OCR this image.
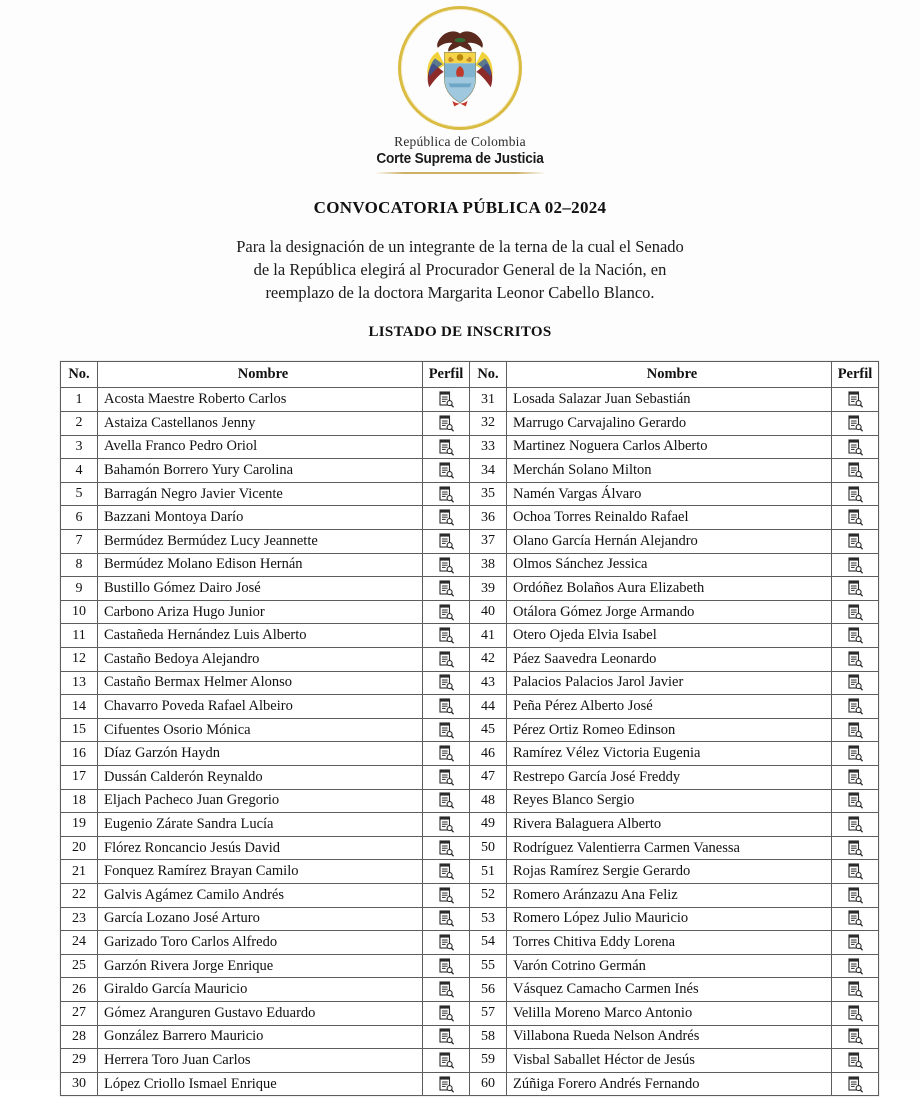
República de Colombia
Corte Suprema de Justicia
CONVOCATORIA PÚBLICA 02–2024
Para la designación de un integrante de la terna de la cual el Senado
de la República elegirá al Procurador General de la Nación, en
reemplazo de la doctora Margarita Leonor Cabello Blanco.
LISTADO DE INSCRITOS
No.	Nombre	Perfil	No.	Nombre	Perfil
1	Acosta Maestre Roberto Carlos		31	Losada Salazar Juan Sebastián	
2	Astaiza Castellanos Jenny		32	Marrugo Carvajalino Gerardo	
3	Avella Franco Pedro Oriol		33	Martinez Noguera Carlos Alberto	
4	Bahamón Borrero Yury Carolina		34	Merchán Solano Milton	
5	Barragán Negro Javier Vicente		35	Namén Vargas Álvaro	
6	Bazzani Montoya Darío		36	Ochoa Torres Reinaldo Rafael	
7	Bermúdez Bermúdez Lucy Jeannette		37	Olano García Hernán Alejandro	
8	Bermúdez Molano Edison Hernán		38	Olmos Sánchez Jessica	
9	Bustillo Gómez Dairo José		39	Ordóñez Bolaños Aura Elizabeth	
10	Carbono Ariza Hugo Junior		40	Otálora Gómez Jorge Armando	
11	Castañeda Hernández Luis Alberto		41	Otero Ojeda Elvia Isabel	
12	Castaño Bedoya Alejandro		42	Páez Saavedra Leonardo	
13	Castaño Bermax Helmer Alonso		43	Palacios Palacios Jarol Javier	
14	Chavarro Poveda Rafael Albeiro		44	Peña Pérez Alberto José	
15	Cifuentes Osorio Mónica		45	Pérez Ortiz Romeo Edinson	
16	Díaz Garzón Haydn		46	Ramírez Vélez Victoria Eugenia	
17	Dussán Calderón Reynaldo		47	Restrepo García José Freddy	
18	Eljach Pacheco Juan Gregorio		48	Reyes Blanco Sergio	
19	Eugenio Zárate Sandra Lucía		49	Rivera Balaguera Alberto	
20	Flórez Roncancio Jesús David		50	Rodríguez Valentierra Carmen Vanessa	
21	Fonquez Ramírez Brayan Camilo		51	Rojas Ramírez Sergie Gerardo	
22	Galvis Agámez Camilo Andrés		52	Romero Aránzazu Ana Feliz	
23	García Lozano José Arturo		53	Romero López Julio Mauricio	
24	Garizado Toro Carlos Alfredo		54	Torres Chitiva Eddy Lorena	
25	Garzón Rivera Jorge Enrique		55	Varón Cotrino Germán	
26	Giraldo García Mauricio		56	Vásquez Camacho Carmen Inés	
27	Gómez Aranguren Gustavo Eduardo		57	Velilla Moreno Marco Antonio	
28	González Barrero Mauricio		58	Villabona Rueda Nelson Andrés	
29	Herrera Toro Juan Carlos		59	Visbal Saballet Héctor de Jesús	
30	López Criollo Ismael Enrique		60	Zúñiga Forero Andrés Fernando	
